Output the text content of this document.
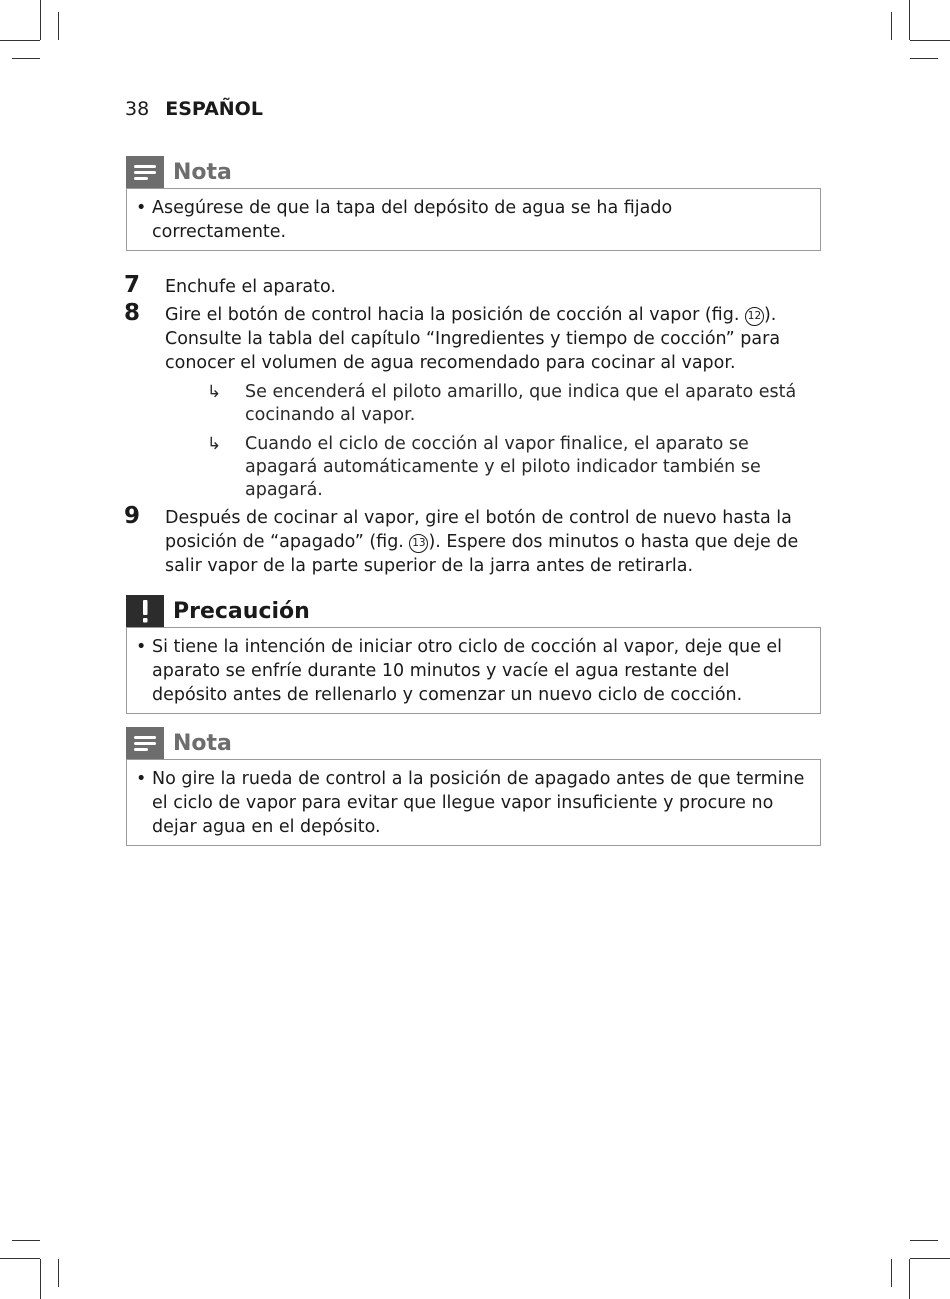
38 ESPAÑOL
Nota
• Asegúrese de que la tapa del depósito de agua se ha fijado correctamente.
7 Enchufe el aparato.
8 Gire el botón de control hacia la posición de cocción al vapor (fig. 12 ). Consulte la tabla del capítulo “Ingredientes y tiempo de cocción” para conocer el volumen de agua recomendado para cocinar al vapor.
↳ Se encenderá el piloto amarillo, que indica que el aparato está cocinando al vapor.
↳ Cuando el ciclo de cocción al vapor finalice, el aparato se apagará automáticamente y el piloto indicador también se apagará.
9 Después de cocinar al vapor, gire el botón de control de nuevo hasta la posición de “apagado” (fig. 13 ). Espere dos minutos o hasta que deje de salir vapor de la parte superior de la jarra antes de retirarla.
Precaución
• Si tiene la intención de iniciar otro ciclo de cocción al vapor, deje que el aparato se enfríe durante 10 minutos y vacíe el agua restante del depósito antes de rellenarlo y comenzar un nuevo ciclo de cocción.
Nota
• No gire la rueda de control a la posición de apagado antes de que termine el ciclo de vapor para evitar que llegue vapor insuficiente y procure no dejar agua en el depósito.
